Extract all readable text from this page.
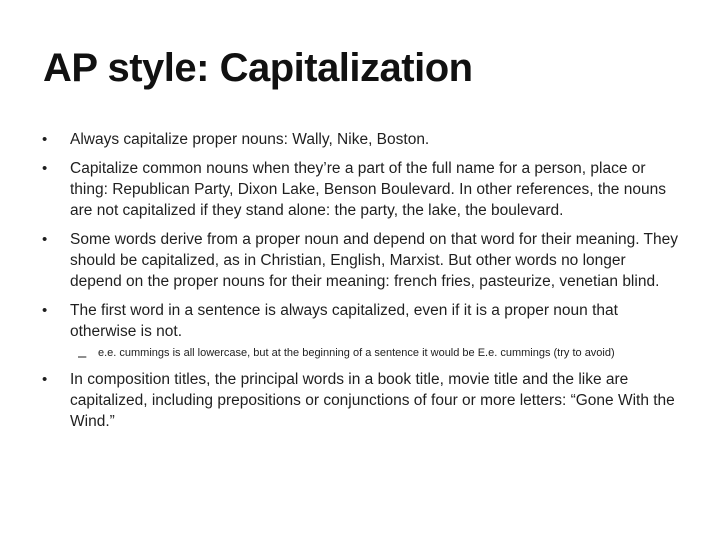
AP style: Capitalization
• Always capitalize proper nouns: Wally, Nike, Boston.
• Capitalize common nouns when they’re a part of the full name for a person, place or thing: Republican Party, Dixon Lake, Benson Boulevard. In other references, the nouns are not capitalized if they stand alone: the party, the lake, the boulevard.
• Some words derive from a proper noun and depend on that word for their meaning. They should be capitalized, as in Christian, English, Marxist. But other words no longer depend on the proper nouns for their meaning: french fries, pasteurize, venetian blind.
• The first word in a sentence is always capitalized, even if it is a proper noun that otherwise is not.
– e.e. cummings is all lowercase, but at the beginning of a sentence it would be E.e. cummings (try to avoid)
• In composition titles, the principal words in a book title, movie title and the like are capitalized, including prepositions or conjunctions of four or more letters: “Gone With the Wind.”
